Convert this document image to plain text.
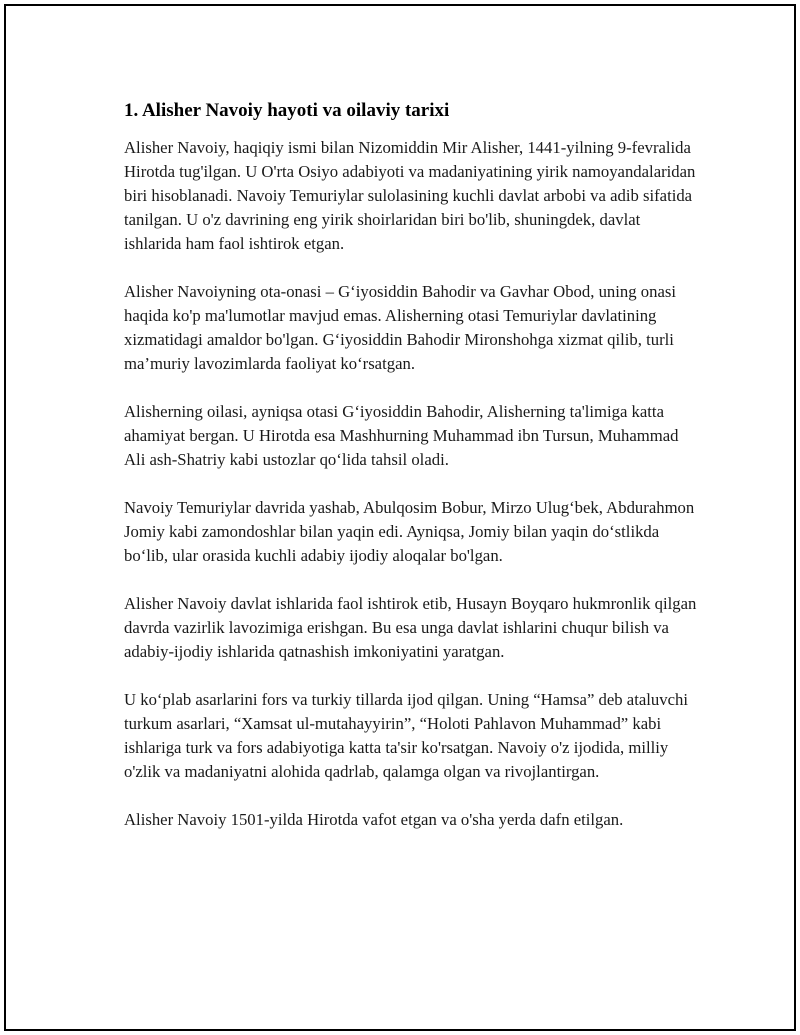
1. Alisher Navoiy hayoti va oilaviy tarixi

Alisher Navoiy, haqiqiy ismi bilan Nizomiddin Mir Alisher, 1441-yilning 9-fevralida Hirotda tug'ilgan. U O'rta Osiyo adabiyoti va madaniyatining yirik namoyandalaridan biri hisoblanadi. Navoiy Temuriylar sulolasining kuchli davlat arbobi va adib sifatida tanilgan. U o'z davrining eng yirik shoirlaridan biri bo'lib, shuningdek, davlat ishlarida ham faol ishtirok etgan.

Alisher Navoiyning ota-onasi – G‘iyosiddin Bahodir va Gavhar Obod, uning onasi haqida ko'p ma'lumotlar mavjud emas. Alisherning otasi Temuriylar davlatining xizmatidagi amaldor bo'lgan. G‘iyosiddin Bahodir Mironshohga xizmat qilib, turli ma’muriy lavozimlarda faoliyat ko‘rsatgan.

Alisherning oilasi, ayniqsa otasi G‘iyosiddin Bahodir, Alisherning ta'limiga katta ahamiyat bergan. U Hirotda esa Mashhurning Muhammad ibn Tursun, Muhammad Ali ash-Shatriy kabi ustozlar qo‘lida tahsil oladi.

Navoiy Temuriylar davrida yashab, Abulqosim Bobur, Mirzo Ulug‘bek, Abdurahmon Jomiy kabi zamondoshlar bilan yaqin edi. Ayniqsa, Jomiy bilan yaqin do‘stlikda bo‘lib, ular orasida kuchli adabiy ijodiy aloqalar bo'lgan.

Alisher Navoiy davlat ishlarida faol ishtirok etib, Husayn Boyqaro hukmronlik qilgan davrda vazirlik lavozimiga erishgan. Bu esa unga davlat ishlarini chuqur bilish va adabiy-ijodiy ishlarida qatnashish imkoniyatini yaratgan.

U ko‘plab asarlarini fors va turkiy tillarda ijod qilgan. Uning “Hamsa” deb ataluvchi turkum asarlari, “Xamsat ul-mutahayyirin”, “Holoti Pahlavon Muhammad” kabi ishlariga turk va fors adabiyotiga katta ta'sir ko'rsatgan. Navoiy o'z ijodida, milliy o'zlik va madaniyatni alohida qadrlab, qalamga olgan va rivojlantirgan.

Alisher Navoiy 1501-yilda Hirotda vafot etgan va o'sha yerda dafn etilgan.
